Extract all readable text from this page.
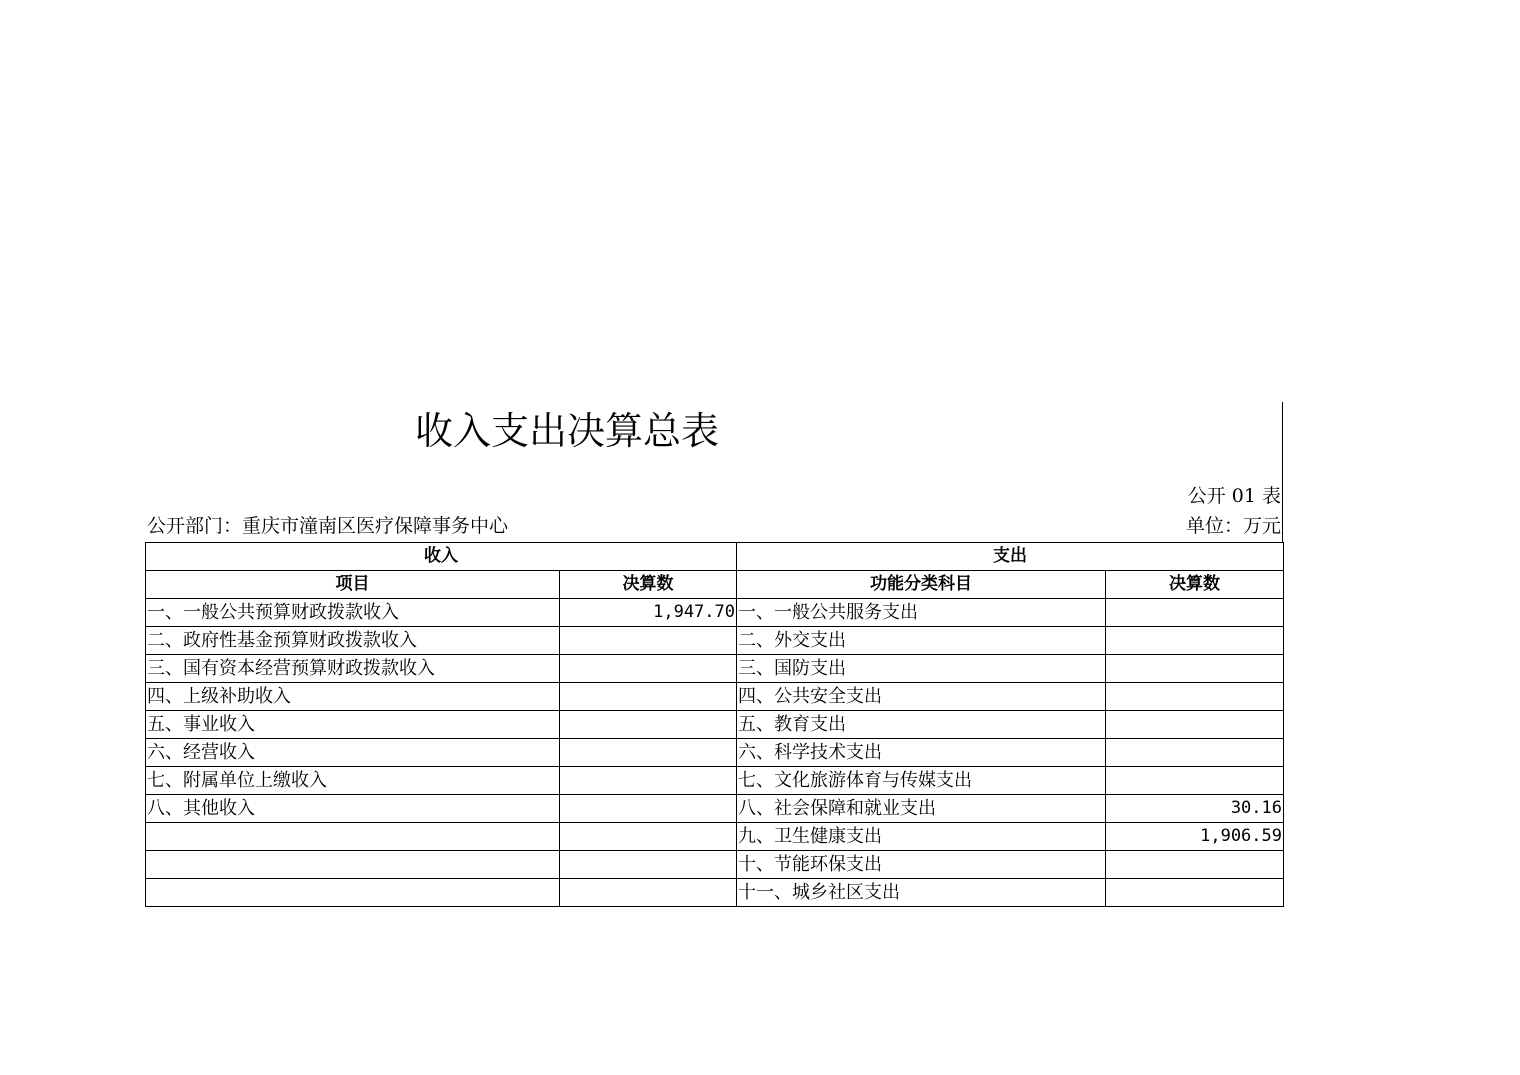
收入支出决算总表
公开 01 表
公开部门：重庆市潼南区医疗保障事务中心	单位：万元
收入		支出	
项目	决算数	功能分类科目	决算数
一、一般公共预算财政拨款收入	1,947.70	一、一般公共服务支出	
二、政府性基金预算财政拨款收入		二、外交支出	
三、国有资本经营预算财政拨款收入		三、国防支出	
四、上级补助收入		四、公共安全支出	
五、事业收入		五、教育支出	
六、经营收入		六、科学技术支出	
七、附属单位上缴收入		七、文化旅游体育与传媒支出	
八、其他收入		八、社会保障和就业支出	30.16
		九、卫生健康支出	1,906.59
		十、节能环保支出	
		十一、城乡社区支出	
